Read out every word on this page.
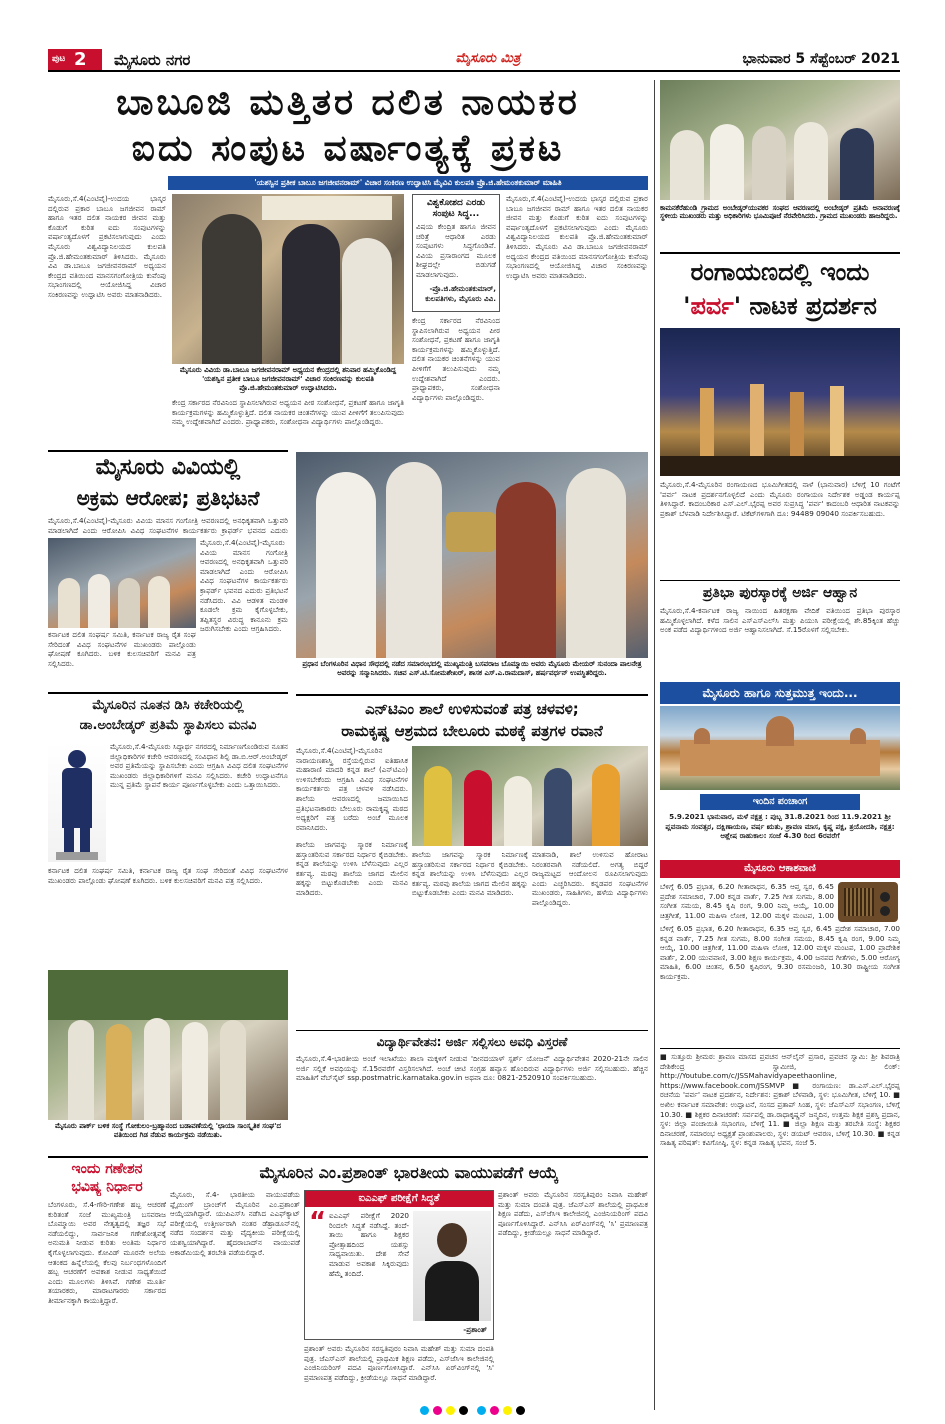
ಪುಟ 2 ಮೈಸೂರು ನಗರ	ಮೈಸೂರು ಮಿತ್ರ	ಭಾನುವಾರ 5 ಸೆಪ್ಟೆಂಬರ್ 2021
ಬಾಬೂಜಿ ಮತ್ತಿತರ ದಲಿತ ನಾಯಕರ
ಐದು ಸಂಪುಟ ವರ್ಷಾಂತ್ಯಕ್ಕೆ ಪ್ರಕಟ
'ಯಶಸ್ವಿನ ಪ್ರತೀಕ ಬಾಬೂ ಜಗಜೀವನರಾಮ್' ವಿಚಾರ ಸಂಕಿರಣ ಉದ್ಘಾಟಿಸಿ ಮೈವಿವಿ ಕುಲಪತಿ ಪ್ರೊ.ಜಿ.ಹೇಮಂತಕುಮಾರ್ ಮಾಹಿತಿ
ಮೈಸೂರು,ಸೆ.4(ಎಂಟಿವೈ)-ಉದಯ ಭಾಸ್ಕರ ದಲ್ಲಿರುವ ಪ್ರಕಾರ ಬಾಬೂ ಜಗಜೀವನ ರಾಮ್ ಹಾಗೂ ಇತರ ದಲಿತ ನಾಯಕರ ಜೀವನ ಮತ್ತು ಕೊಡುಗೆ ಕುರಿತ ಐದು ಸಂಪುಟಗಳನ್ನು ವರ್ಷಾಂತ್ಯದೊಳಗೆ ಪ್ರಕಟಿಸಲಾಗುವುದು ಎಂದು ಮೈಸೂರು ವಿಶ್ವವಿದ್ಯಾನಿಲಯದ ಕುಲಪತಿ ಪ್ರೊ.ಜಿ.ಹೇಮಂತಕುಮಾರ್ ತಿಳಿಸಿದರು. ಮೈಸೂರು ವಿವಿ ಡಾ.ಬಾಬೂ ಜಗಜೀವನರಾಮ್ ಅಧ್ಯಯನ ಕೇಂದ್ರದ ವತಿಯಿಂದ ಮಾನಸಗಂಗೋತ್ರಿಯ ಕುವೆಂಪು ಸಭಾಂಗಣದಲ್ಲಿ ಆಯೋಜಿಸಿದ್ದ ವಿಚಾರ ಸಂಕಿರಣವನ್ನು ಉದ್ಘಾಟಿಸಿ ಅವರು ಮಾತನಾಡಿದರು.
ಮೈಸೂರು ವಿವಿಯ ಡಾ.ಬಾಬೂ ಜಗಜೀವನರಾಮ್ ಅಧ್ಯಯನ ಕೇಂದ್ರದಲ್ಲಿ ಶನಿವಾರ ಹಮ್ಮಿಕೊಂಡಿದ್ದ 'ಯಶಸ್ವಿನ ಪ್ರತೀಕ ಬಾಬೂ ಜಗಜೀವನರಾಮ್' ವಿಚಾರ ಸಂಕಿರಣವನ್ನು ಕುಲಪತಿ ಪ್ರೊ.ಜಿ.ಹೇಮಂತಕುಮಾರ್ ಉದ್ಘಾಟಿಸಿದರು.
ಕೇಂದ್ರ ಸರ್ಕಾರದ ನೆರವಿನಿಂದ ಸ್ಥಾಪಿಸಲಾಗಿರುವ ಅಧ್ಯಯನ ಪೀಠ ಸಂಶೋಧನೆ, ಪ್ರಕಟಣೆ ಹಾಗೂ ಜಾಗೃತಿ ಕಾರ್ಯಕ್ರಮಗಳನ್ನು ಹಮ್ಮಿಕೊಳ್ಳುತ್ತಿದೆ. ದಲಿತ ನಾಯಕರ ಚಿಂತನೆಗಳನ್ನು ಯುವ ಪೀಳಿಗೆಗೆ ತಲುಪಿಸುವುದು ನಮ್ಮ ಉದ್ದೇಶವಾಗಿದೆ ಎಂದರು. ಪ್ರಾಧ್ಯಾಪಕರು, ಸಂಶೋಧನಾ ವಿದ್ಯಾರ್ಥಿಗಳು ಪಾಲ್ಗೊಂಡಿದ್ದರು.
ವಿಶ್ವಕೋಶದ ಎರಡು ಸಂಪುಟ ಸಿದ್ಧ...
ವಿಷಯ ಕೇಂದ್ರಿತ ಹಾಗೂ ಜೀವನ ಚರಿತ್ರೆ ಆಧಾರಿತ ಎರಡು ಸಂಪುಟಗಳು ಸಿದ್ಧಗೊಂಡಿವೆ. ವಿವಿಯ ಪ್ರಸಾರಾಂಗದ ಮೂಲಕ ಶೀಘ್ರದಲ್ಲೇ ಬಿಡುಗಡೆ ಮಾಡಲಾಗುವುದು.
-ಪ್ರೊ.ಜಿ.ಹೇಮಂತಕುಮಾರ್, ಕುಲಪತಿಗಳು, ಮೈಸೂರು ವಿವಿ.
ಕೇಂದ್ರ ಸರ್ಕಾರದ ನೆರವಿನಿಂದ ಸ್ಥಾಪಿಸಲಾಗಿರುವ ಅಧ್ಯಯನ ಪೀಠ ಸಂಶೋಧನೆ, ಪ್ರಕಟಣೆ ಹಾಗೂ ಜಾಗೃತಿ ಕಾರ್ಯಕ್ರಮಗಳನ್ನು ಹಮ್ಮಿಕೊಳ್ಳುತ್ತಿದೆ. ದಲಿತ ನಾಯಕರ ಚಿಂತನೆಗಳನ್ನು ಯುವ ಪೀಳಿಗೆಗೆ ತಲುಪಿಸುವುದು ನಮ್ಮ ಉದ್ದೇಶವಾಗಿದೆ ಎಂದರು. ಪ್ರಾಧ್ಯಾಪಕರು, ಸಂಶೋಧನಾ ವಿದ್ಯಾರ್ಥಿಗಳು ಪಾಲ್ಗೊಂಡಿದ್ದರು.
ಮೈಸೂರು,ಸೆ.4(ಎಂಟಿವೈ)-ಉದಯ ಭಾಸ್ಕರ ದಲ್ಲಿರುವ ಪ್ರಕಾರ ಬಾಬೂ ಜಗಜೀವನ ರಾಮ್ ಹಾಗೂ ಇತರ ದಲಿತ ನಾಯಕರ ಜೀವನ ಮತ್ತು ಕೊಡುಗೆ ಕುರಿತ ಐದು ಸಂಪುಟಗಳನ್ನು ವರ್ಷಾಂತ್ಯದೊಳಗೆ ಪ್ರಕಟಿಸಲಾಗುವುದು ಎಂದು ಮೈಸೂರು ವಿಶ್ವವಿದ್ಯಾನಿಲಯದ ಕುಲಪತಿ ಪ್ರೊ.ಜಿ.ಹೇಮಂತಕುಮಾರ್ ತಿಳಿಸಿದರು. ಮೈಸೂರು ವಿವಿ ಡಾ.ಬಾಬೂ ಜಗಜೀವನರಾಮ್ ಅಧ್ಯಯನ ಕೇಂದ್ರದ ವತಿಯಿಂದ ಮಾನಸಗಂಗೋತ್ರಿಯ ಕುವೆಂಪು ಸಭಾಂಗಣದಲ್ಲಿ ಆಯೋಜಿಸಿದ್ದ ವಿಚಾರ ಸಂಕಿರಣವನ್ನು ಉದ್ಘಾಟಿಸಿ ಅವರು ಮಾತನಾಡಿದರು.
ಕಾಮನಕೆರೆಹುಂಡಿ ಗ್ರಾಮದ ಅಂಬೇಡ್ಕರ್‌ಯುವಕರ ಸಂಘದ ಆವರಣದಲ್ಲಿ ಅಂಬೇಡ್ಕರ್ ಪ್ರತಿಮೆ ಅನಾವರಣಕ್ಕೆ ಸ್ಥಳೀಯ ಮುಖಂಡರು ಮತ್ತು ಅಧಿಕಾರಿಗಳು ಭೂಮಿಪೂಜೆ ನೆರವೇರಿಸಿದರು. ಗ್ರಾಮದ ಮುಖಂಡರು ಹಾಜರಿದ್ದರು.
ರಂಗಾಯಣದಲ್ಲಿ ಇಂದು
'ಪರ್ವ' ನಾಟಕ ಪ್ರದರ್ಶನ
ಮೈಸೂರು,ಸೆ.4-ಮೈಸೂರಿನ ರಂಗಾಯಣದ ಭೂಮಿಗೀತದಲ್ಲಿ ನಾಳೆ (ಭಾನುವಾರ) ಬೆಳಿಗ್ಗೆ 10 ಗಂಟೆಗೆ 'ಪರ್ವ' ನಾಟಕ ಪ್ರದರ್ಶನಗೊಳ್ಳಲಿದೆ ಎಂದು ಮೈಸೂರು ರಂಗಾಯಣ ನಿರ್ದೇಶಕ ಅಡ್ಡಂಡ ಕಾರ್ಯಪ್ಪ ತಿಳಿಸಿದ್ದಾರೆ. ಕಾದಂಬರಿಕಾರ ಎಸ್.ಎಲ್.ಭೈರಪ್ಪ ಅವರ ಸುಪ್ರಸಿದ್ಧ 'ಪರ್ವ' ಕಾದಂಬರಿ ಆಧಾರಿತ ನಾಟಕವನ್ನು ಪ್ರಕಾಶ್ ಬೆಳವಾಡಿ ನಿರ್ದೇಶಿಸಿದ್ದಾರೆ. ಟಿಕೆಟ್‌ಗಳಿಗಾಗಿ ದೂ: 94489 09040 ಸಂಪರ್ಕಿಸಬಹುದು.
ಪ್ರತಿಭಾ ಪುರಸ್ಕಾರಕ್ಕೆ ಅರ್ಜಿ ಆಹ್ವಾನ
ಮೈಸೂರು,ಸೆ.4-ಕರ್ನಾಟಕ ರಾಜ್ಯ ನಾಯಿಂದ ಹಿತರಕ್ಷಣಾ ವೇದಿಕೆ ವತಿಯಿಂದ ಪ್ರತಿಭಾ ಪುರಸ್ಕಾರ ಹಮ್ಮಿಕೊಳ್ಳಲಾಗಿದೆ. ಕಳೆದ ಸಾಲಿನ ಎಸ್‌ಎಸ್‌ಎಲ್‌ಸಿ ಮತ್ತು ಪಿಯುಸಿ ಪರೀಕ್ಷೆಯಲ್ಲಿ ಶೇ.85ಕ್ಕಿಂತ ಹೆಚ್ಚು ಅಂಕ ಪಡೆದ ವಿದ್ಯಾರ್ಥಿಗಳಿಂದ ಅರ್ಜಿ ಆಹ್ವಾನಿಸಲಾಗಿದೆ. ಸೆ.15ರೊಳಗೆ ಸಲ್ಲಿಸಬೇಕು.
ಮೈಸೂರು ಹಾಗೂ ಸುತ್ತಮುತ್ತ ಇಂದು...
ಇಂದಿನ ಪಂಚಾಂಗ
5.9.2021 ಭಾನುವಾರ, ಮಳೆ ನಕ್ಷತ್ರ : ಪುಬ್ಬ 31.8.2021 ರಿಂದ 11.9.2021 ಶ್ರೀ ಪ್ಲವನಾಮ ಸಂವತ್ಸರ, ದಕ್ಷಿಣಾಯಣ, ವರ್ಷ ಋತು, ಶ್ರಾವಣ ಮಾಸ, ಕೃಷ್ಣ ಪಕ್ಷ, ತ್ರಯೋದಶಿ, ನಕ್ಷತ್ರ: ಆಶ್ಲೇಷ ರಾಹುಕಾಲ: ಸಂಜೆ 4.30 ರಿಂದ 6ರವರೆಗೆ
ಮೈಸೂರು ಆಕಾಶವಾಣಿ
ಬೆಳಿಗ್ಗೆ 6.05 ಪ್ರಭಾತ, 6.20 ಗೀತಾರಾಧನ, 6.35 ಆಪ್ತ ಸ್ವರ, 6.45 ಪ್ರದೇಶ ಸಮಾಚಾರ, 7.00 ಕನ್ನಡ ವಾರ್ತೆ, 7.25 ಗೀತ ಸುಗಮ, 8.00 ಸಂಗೀತ ಸಮಯ, 8.45 ಕೃಷಿ ರಂಗ, 9.00 ನಿಮ್ಮ ಆಯ್ಕೆ, 10.00 ಚಿತ್ರಗೀತೆ, 11.00 ಮಹಿಳಾ ಲೋಕ, 12.00 ಮಕ್ಕಳ ಮಂಟಪ, 1.00
ಬೆಳಿಗ್ಗೆ 6.05 ಪ್ರಭಾತ, 6.20 ಗೀತಾರಾಧನ, 6.35 ಆಪ್ತ ಸ್ವರ, 6.45 ಪ್ರದೇಶ ಸಮಾಚಾರ, 7.00 ಕನ್ನಡ ವಾರ್ತೆ, 7.25 ಗೀತ ಸುಗಮ, 8.00 ಸಂಗೀತ ಸಮಯ, 8.45 ಕೃಷಿ ರಂಗ, 9.00 ನಿಮ್ಮ ಆಯ್ಕೆ, 10.00 ಚಿತ್ರಗೀತೆ, 11.00 ಮಹಿಳಾ ಲೋಕ, 12.00 ಮಕ್ಕಳ ಮಂಟಪ, 1.00 ಪ್ರಾದೇಶಿಕ ವಾರ್ತೆ, 2.00 ಯುವವಾಣಿ, 3.00 ಶಿಕ್ಷಣ ಕಾರ್ಯಕ್ರಮ, 4.00 ಜನಪದ ಗೀತೆಗಳು, 5.00 ಆರೋಗ್ಯ ಮಾಹಿತಿ, 6.00 ಚಿಂತನ, 6.50 ಕೃಷಿರಂಗ, 9.30 ರಸಮಂಜರಿ, 10.30 ರಾಷ್ಟ್ರೀಯ ಸಂಗೀತ ಕಾರ್ಯಕ್ರಮ.
■ ಸುತ್ತೂರು ಶ್ರೀಮಠ: ಶ್ರಾವಣ ಮಾಸದ ಪ್ರವಚನ ಆನ್‌ಲೈನ್ ಪ್ರಸಾರ, ಪ್ರವಚನ ಸ್ವಾಮಿ: ಶ್ರೀ ಶಿವರಾತ್ರಿ ದೇಶಿಕೇಂದ್ರ ಸ್ವಾಮೀಜಿ, ಲಿಂಕ್: http://Youtube.com/c/JSSMahavidyapeethaonline, https://www.facebook.com/JSSMVP ■ ರಂಗಾಯಣ: ಡಾ.ಎಸ್.ಎಲ್.ಭೈರಪ್ಪ ರಚನೆಯ 'ಪರ್ವ' ನಾಟಕ ಪ್ರದರ್ಶನ, ನಿರ್ದೇಶನ: ಪ್ರಕಾಶ್ ಬೆಳವಾಡಿ, ಸ್ಥಳ: ಭೂಮಿಗೀತ, ಬೆಳಿಗ್ಗೆ 10. ■ ಅಖಿಲ ಕರ್ನಾಟಕ ಸಮಾವೇಶ: ಉದ್ಘಾಟನೆ, ಸಂಸದ ಪ್ರತಾಪ್ ಸಿಂಹ, ಸ್ಥಳ: ಜೆಎಸ್‌ಎಸ್ ಸಭಾಂಗಣ, ಬೆಳಿಗ್ಗೆ 10.30. ■ ಶಿಕ್ಷಕರ ದಿನಾಚರಣೆ: ಸರ್ವಪಲ್ಲಿ ಡಾ.ರಾಧಾಕೃಷ್ಣನ್ ಜನ್ಮದಿನ, ಉತ್ತಮ ಶಿಕ್ಷಕ ಪ್ರಶಸ್ತಿ ಪ್ರದಾನ, ಸ್ಥಳ: ಜಿಲ್ಲಾ ಪಂಚಾಯಿತಿ ಸಭಾಂಗಣ, ಬೆಳಿಗ್ಗೆ 11. ■ ಜಿಲ್ಲಾ ಶಿಕ್ಷಣ ಮತ್ತು ತರಬೇತಿ ಸಂಸ್ಥೆ: ಶಿಕ್ಷಕರ ದಿನಾಚರಣೆ, ಸಮಾರಂಭ ಅಧ್ಯಕ್ಷತೆ ಪ್ರಾಂಶುಪಾಲರು, ಸ್ಥಳ: ಡಯಟ್ ಆವರಣ, ಬೆಳಿಗ್ಗೆ 10.30. ■ ಕನ್ನಡ ಸಾಹಿತ್ಯ ಪರಿಷತ್: ಕವಿಗೋಷ್ಠಿ, ಸ್ಥಳ: ಕನ್ನಡ ಸಾಹಿತ್ಯ ಭವನ, ಸಂಜೆ 5.
ಮೈಸೂರು ವಿವಿಯಲ್ಲಿ
ಅಕ್ರಮ ಆರೋಪ; ಪ್ರತಿಭಟನೆ
ಮೈಸೂರು,ಸೆ.4(ಎಂಟಿವೈ)-ಮೈಸೂರು ವಿವಿಯ ಮಾನಸ ಗಂಗೋತ್ರಿ ಆವರಣದಲ್ಲಿ ಅನಧಿಕೃತವಾಗಿ ಒತ್ತುವರಿ ಮಾಡಲಾಗಿದೆ ಎಂದು ಆರೋಪಿಸಿ ವಿವಿಧ ಸಂಘಟನೆಗಳ ಕಾರ್ಯಕರ್ತರು ಕ್ರಾಫರ್ಡ್ ಭವನದ ಎದುರು
ಮೈಸೂರು,ಸೆ.4(ಎಂಟಿವೈ)-ಮೈಸೂರು ವಿವಿಯ ಮಾನಸ ಗಂಗೋತ್ರಿ ಆವರಣದಲ್ಲಿ ಅನಧಿಕೃತವಾಗಿ ಒತ್ತುವರಿ ಮಾಡಲಾಗಿದೆ ಎಂದು ಆರೋಪಿಸಿ ವಿವಿಧ ಸಂಘಟನೆಗಳ ಕಾರ್ಯಕರ್ತರು ಕ್ರಾಫರ್ಡ್ ಭವನದ ಎದುರು ಪ್ರತಿಭಟನೆ ನಡೆಸಿದರು. ವಿವಿ ಆಡಳಿತ ಮಂಡಳಿ ಕೂಡಲೇ ಕ್ರಮ ಕೈಗೊಳ್ಳಬೇಕು, ತಪ್ಪಿತಸ್ಥರ ವಿರುದ್ಧ ಕಾನೂನು ಕ್ರಮ ಜರುಗಿಸಬೇಕು ಎಂದು ಆಗ್ರಹಿಸಿದರು.
ಕರ್ನಾಟಕ ದಲಿತ ಸಂಘರ್ಷ ಸಮಿತಿ, ಕರ್ನಾಟಕ ರಾಜ್ಯ ರೈತ ಸಂಘ ಸೇರಿದಂತೆ ವಿವಿಧ ಸಂಘಟನೆಗಳ ಮುಖಂಡರು ಪಾಲ್ಗೊಂಡು ಘೋಷಣೆ ಕೂಗಿದರು. ಬಳಿಕ ಕುಲಸಚಿವರಿಗೆ ಮನವಿ ಪತ್ರ ಸಲ್ಲಿಸಿದರು.
ಮೈಸೂರಿನ ನೂತನ ಡಿಸಿ ಕಚೇರಿಯಲ್ಲಿ
ಡಾ.ಅಂಬೇಡ್ಕರ್ ಪ್ರತಿಮೆ ಸ್ಥಾಪಿಸಲು ಮನವಿ
ಮೈಸೂರು,ಸೆ.4-ಮೈಸೂರು ಸಿದ್ದಾರ್ಥ ನಗರದಲ್ಲಿ ನಿರ್ಮಾಣಗೊಂಡಿರುವ ನೂತನ ಜಿಲ್ಲಾಧಿಕಾರಿಗಳ ಕಚೇರಿ ಆವರಣದಲ್ಲಿ ಸಂವಿಧಾನ ಶಿಲ್ಪಿ ಡಾ.ಬಿ.ಆರ್.ಅಂಬೇಡ್ಕರ್ ಅವರ ಪ್ರತಿಮೆಯನ್ನು ಸ್ಥಾಪಿಸಬೇಕು ಎಂದು ಆಗ್ರಹಿಸಿ ವಿವಿಧ ದಲಿತ ಸಂಘಟನೆಗಳ ಮುಖಂಡರು ಜಿಲ್ಲಾಧಿಕಾರಿಗಳಿಗೆ ಮನವಿ ಸಲ್ಲಿಸಿದರು. ಕಚೇರಿ ಉದ್ಘಾಟನೆಗೂ ಮುನ್ನ ಪ್ರತಿಮೆ ಸ್ಥಾಪನೆ ಕಾರ್ಯ ಪೂರ್ಣಗೊಳ್ಳಬೇಕು ಎಂದು ಒತ್ತಾಯಿಸಿದರು.
ಕರ್ನಾಟಕ ದಲಿತ ಸಂಘರ್ಷ ಸಮಿತಿ, ಕರ್ನಾಟಕ ರಾಜ್ಯ ರೈತ ಸಂಘ ಸೇರಿದಂತೆ ವಿವಿಧ ಸಂಘಟನೆಗಳ ಮುಖಂಡರು ಪಾಲ್ಗೊಂಡು ಘೋಷಣೆ ಕೂಗಿದರು. ಬಳಿಕ ಕುಲಸಚಿವರಿಗೆ ಮನವಿ ಪತ್ರ ಸಲ್ಲಿಸಿದರು.
ಮೈಸೂರು ಪಾರ್ಕ್ ಬಳಿಕ ಸಂಸ್ಥೆ ಗೋಕುಲಂ-ಬ್ರಹ್ಮಾನಂದ ಬಡಾವಣೆಯಲ್ಲಿ 'ಛಾಯಾ ಸಾಂಸ್ಕೃತಿಕ ಸಂಘ'ದ ವತಿಯಿಂದ ಗಿಡ ನೆಡುವ ಕಾರ್ಯಕ್ರಮ ನಡೆಯಿತು.
ಪ್ರಧಾನ ಬೆಂಗಳೂರಿನ ವಿಧಾನ ಸೌಧದಲ್ಲಿ ನಡೆದ ಸಮಾರಂಭದಲ್ಲಿ ಮುಖ್ಯಮಂತ್ರಿ ಬಸವರಾಜ ಬೊಮ್ಮಾಯಿ ಅವರು ಮೈಸೂರು ಮೇಯರ್ ಸುನಂದಾ ಪಾಲನೇತ್ರ ಅವರನ್ನು ಸನ್ಮಾನಿಸಿದರು. ಸಚಿವ ಎಸ್.ಟಿ.ಸೋಮಶೇಖರ್, ಶಾಸಕ ಎಸ್.ಎ.ರಾಮದಾಸ್, ಹರ್ಷವರ್ಧನ್ ಉಪಸ್ಥಿತರಿದ್ದರು.
ಎನ್‌ಟಿಎಂ ಶಾಲೆ ಉಳಿಸುವಂತೆ ಪತ್ರ ಚಳವಳಿ;
ರಾಮಕೃಷ್ಣ ಆಶ್ರಮದ ಬೇಲೂರು ಮಠಕ್ಕೆ ಪತ್ರಗಳ ರವಾನೆ
ಮೈಸೂರು,ಸೆ.4(ಎಂಟಿವೈ)-ಮೈಸೂರಿನ ನಾರಾಯಣಶಾಸ್ತ್ರಿ ರಸ್ತೆಯಲ್ಲಿರುವ ಐತಿಹಾಸಿಕ ಮಹಾರಾಣಿ ಮಾದರಿ ಕನ್ನಡ ಶಾಲೆ (ಎನ್‌ಟಿಎಂ) ಉಳಿಸಬೇಕೆಂದು ಆಗ್ರಹಿಸಿ ವಿವಿಧ ಸಂಘಟನೆಗಳ ಕಾರ್ಯಕರ್ತರು ಪತ್ರ ಚಳವಳಿ ನಡೆಸಿದರು. ಶಾಲೆಯ ಆವರಣದಲ್ಲಿ ಜಮಾಯಿಸಿದ ಪ್ರತಿಭಟನಾಕಾರರು ಬೇಲೂರು ರಾಮಕೃಷ್ಣ ಮಠದ ಅಧ್ಯಕ್ಷರಿಗೆ ಪತ್ರ ಬರೆದು ಅಂಚೆ ಮೂಲಕ ರವಾನಿಸಿದರು.
ಶಾಲೆಯ ಜಾಗವನ್ನು ಸ್ಮಾರಕ ನಿರ್ಮಾಣಕ್ಕೆ ಹಸ್ತಾಂತರಿಸುವ ಸರ್ಕಾರದ ನಿರ್ಧಾರ ಕೈಬಿಡಬೇಕು. ಕನ್ನಡ ಶಾಲೆಯನ್ನು ಉಳಿಸಿ ಬೆಳೆಸುವುದು ಎಲ್ಲರ ಕರ್ತವ್ಯ. ಮಠವು ಶಾಲೆಯ ಜಾಗದ ಮೇಲಿನ ಹಕ್ಕನ್ನು ಬಿಟ್ಟುಕೊಡಬೇಕು ಎಂದು ಮನವಿ ಮಾಡಿದರು.
ಶಾಲೆಯ ಜಾಗವನ್ನು ಸ್ಮಾರಕ ನಿರ್ಮಾಣಕ್ಕೆ ಹಸ್ತಾಂತರಿಸುವ ಸರ್ಕಾರದ ನಿರ್ಧಾರ ಕೈಬಿಡಬೇಕು. ಕನ್ನಡ ಶಾಲೆಯನ್ನು ಉಳಿಸಿ ಬೆಳೆಸುವುದು ಎಲ್ಲರ ಕರ್ತವ್ಯ. ಮಠವು ಶಾಲೆಯ ಜಾಗದ ಮೇಲಿನ ಹಕ್ಕನ್ನು ಬಿಟ್ಟುಕೊಡಬೇಕು ಎಂದು ಮನವಿ ಮಾಡಿದರು.
ಮಾತನಾಡಿ, ಶಾಲೆ ಉಳಿಸುವ ಹೋರಾಟ ನಿರಂತರವಾಗಿ ನಡೆಯಲಿದೆ. ಅಗತ್ಯ ಬಿದ್ದರೆ ರಾಜ್ಯಮಟ್ಟದ ಆಂದೋಲನ ರೂಪಿಸಲಾಗುವುದು ಎಂದು ಎಚ್ಚರಿಸಿದರು. ಕನ್ನಡಪರ ಸಂಘಟನೆಗಳ ಮುಖಂಡರು, ಸಾಹಿತಿಗಳು, ಹಳೆಯ ವಿದ್ಯಾರ್ಥಿಗಳು ಪಾಲ್ಗೊಂಡಿದ್ದರು.
ವಿದ್ಯಾರ್ಥಿವೇತನ: ಅರ್ಜಿ ಸಲ್ಲಿಸಲು ಅವಧಿ ವಿಸ್ತರಣೆ
ಮೈಸೂರು,ಸೆ.4-ಭಾರತೀಯ ಅಂಚೆ ಇಲಾಖೆಯು ಶಾಲಾ ಮಕ್ಕಳಿಗೆ ನೀಡುವ 'ದೀನದಯಾಳ್ ಸ್ಪರ್ಶ್ ಯೋಜನೆ' ವಿದ್ಯಾರ್ಥಿವೇತನ 2020-21ನೇ ಸಾಲಿನ ಅರ್ಜಿ ಸಲ್ಲಿಕೆ ಅವಧಿಯನ್ನು ಸೆ.15ರವರೆಗೆ ವಿಸ್ತರಿಸಲಾಗಿದೆ. ಅಂಚೆ ಚೀಟಿ ಸಂಗ್ರಹ ಹವ್ಯಾಸ ಹೊಂದಿರುವ ವಿದ್ಯಾರ್ಥಿಗಳು ಅರ್ಜಿ ಸಲ್ಲಿಸಬಹುದು. ಹೆಚ್ಚಿನ ಮಾಹಿತಿಗೆ ವೆಬ್‌ಸೈಟ್ ssp.postmatric.karnataka.gov.in ಅಥವಾ ದೂ: 0821-2520910 ಸಂಪರ್ಕಿಸಬಹುದು.
ಇಂದು ಗಣೇಶನ
ಭವಿಷ್ಯ ನಿರ್ಧಾರ
ಬೆಂಗಳೂರು, ಸೆ.4-ಗೌರಿ-ಗಣೇಶ ಹಬ್ಬ ಆಚರಣೆ ಕುರಿತಂತೆ ಸಂಜೆ ಮುಖ್ಯಮಂತ್ರಿ ಬಸವರಾಜ ಬೊಮ್ಮಾಯಿ ಅವರ ನೇತೃತ್ವದಲ್ಲಿ ತಜ್ಞರ ಸಭೆ ನಡೆಯಲಿದ್ದು, ಸಾರ್ವಜನಿಕ ಗಣೇಶೋತ್ಸವಕ್ಕೆ ಅನುಮತಿ ನೀಡುವ ಕುರಿತು ಅಂತಿಮ ನಿರ್ಧಾರ ಕೈಗೊಳ್ಳಲಾಗುವುದು. ಕೋವಿಡ್ ಮೂರನೇ ಅಲೆಯ ಆತಂಕದ ಹಿನ್ನೆಲೆಯಲ್ಲಿ ಕೆಲವು ನಿರ್ಬಂಧಗಳೊಂದಿಗೆ ಹಬ್ಬ ಆಚರಣೆಗೆ ಅವಕಾಶ ನೀಡುವ ಸಾಧ್ಯತೆಯಿದೆ ಎಂದು ಮೂಲಗಳು ತಿಳಿಸಿವೆ. ಗಣೇಶ ಮೂರ್ತಿ ತಯಾರಕರು, ಮಾರಾಟಗಾರರು ಸರ್ಕಾರದ ತೀರ್ಮಾನಕ್ಕಾಗಿ ಕಾಯುತ್ತಿದ್ದಾರೆ.
ಮೈಸೂರಿನ ಎಂ.ಪ್ರಶಾಂತ್ ಭಾರತೀಯ ವಾಯುಪಡೆಗೆ ಆಯ್ಕೆ
ಮೈಸೂರು, ಸೆ.4- ಭಾರತೀಯ ವಾಯುಪಡೆಯ ಫ್ಲೈಯಿಂಗ್ ಬ್ರಾಂಚ್‌ಗೆ ಮೈಸೂರಿನ ಎಂ.ಪ್ರಶಾಂತ್ ಆಯ್ಕೆಯಾಗಿದ್ದಾರೆ. ಯುಪಿಎಸ್‌ಸಿ ನಡೆಸಿದ ಎಎಫ್‌ಕ್ಯಾಟ್ ಪರೀಕ್ಷೆಯಲ್ಲಿ ಉತ್ತೀರ್ಣರಾಗಿ ನಂತರ ಡೆಹ್ರಾಡೂನ್‌ನಲ್ಲಿ ನಡೆದ ಸಂದರ್ಶನ ಮತ್ತು ವೈದ್ಯಕೀಯ ಪರೀಕ್ಷೆಯಲ್ಲಿ ಯಶಸ್ವಿಯಾಗಿದ್ದಾರೆ. ಹೈದರಾಬಾದ್‌ನ ವಾಯುಪಡೆ ಅಕಾಡೆಮಿಯಲ್ಲಿ ತರಬೇತಿ ಪಡೆಯಲಿದ್ದಾರೆ.
ಐಎಎಫ್ ಪರೀಕ್ಷೆಗೆ ಸಿದ್ಧತೆ
“ ಐಎಎಫ್ ಪರೀಕ್ಷೆಗೆ 2020 ರಿಂದಲೇ ಸಿದ್ಧತೆ ನಡೆಸಿದ್ದೆ. ತಂದೆ-ತಾಯಿ ಹಾಗೂ ಶಿಕ್ಷಕರ ಪ್ರೋತ್ಸಾಹದಿಂದ ಯಶಸ್ಸು ಸಾಧ್ಯವಾಯಿತು. ದೇಶ ಸೇವೆ ಮಾಡುವ ಅವಕಾಶ ಸಿಕ್ಕಿರುವುದು ಹೆಮ್ಮೆ ತಂದಿದೆ.
-ಪ್ರಶಾಂತ್
ಪ್ರಶಾಂತ್ ಅವರು ಮೈಸೂರಿನ ಸರಸ್ವತಿಪುರಂ ನಿವಾಸಿ ಮಹೇಶ್ ಮತ್ತು ಸುಮಾ ದಂಪತಿ ಪುತ್ರ. ಜೆಎಸ್‌ಎಸ್ ಶಾಲೆಯಲ್ಲಿ ಪ್ರಾಥಮಿಕ ಶಿಕ್ಷಣ ಪಡೆದು, ಎಸ್‌ಜೆಸಿಇ ಕಾಲೇಜಿನಲ್ಲಿ ಎಂಜಿನಿಯರಿಂಗ್ ಪದವಿ ಪೂರ್ಣಗೊಳಿಸಿದ್ದಾರೆ. ಎನ್‌ಸಿಸಿ ಏರ್‌ವಿಂಗ್‌ನಲ್ಲಿ 'ಸಿ' ಪ್ರಮಾಣಪತ್ರ ಪಡೆದಿದ್ದು, ಕ್ರೀಡೆಯಲ್ಲೂ ಸಾಧನೆ ಮಾಡಿದ್ದಾರೆ.
ಪ್ರಶಾಂತ್ ಅವರು ಮೈಸೂರಿನ ಸರಸ್ವತಿಪುರಂ ನಿವಾಸಿ ಮಹೇಶ್ ಮತ್ತು ಸುಮಾ ದಂಪತಿ ಪುತ್ರ. ಜೆಎಸ್‌ಎಸ್ ಶಾಲೆಯಲ್ಲಿ ಪ್ರಾಥಮಿಕ ಶಿಕ್ಷಣ ಪಡೆದು, ಎಸ್‌ಜೆಸಿಇ ಕಾಲೇಜಿನಲ್ಲಿ ಎಂಜಿನಿಯರಿಂಗ್ ಪದವಿ ಪೂರ್ಣಗೊಳಿಸಿದ್ದಾರೆ. ಎನ್‌ಸಿಸಿ ಏರ್‌ವಿಂಗ್‌ನಲ್ಲಿ 'ಸಿ' ಪ್ರಮಾಣಪತ್ರ ಪಡೆದಿದ್ದು, ಕ್ರೀಡೆಯಲ್ಲೂ ಸಾಧನೆ ಮಾಡಿದ್ದಾರೆ.
